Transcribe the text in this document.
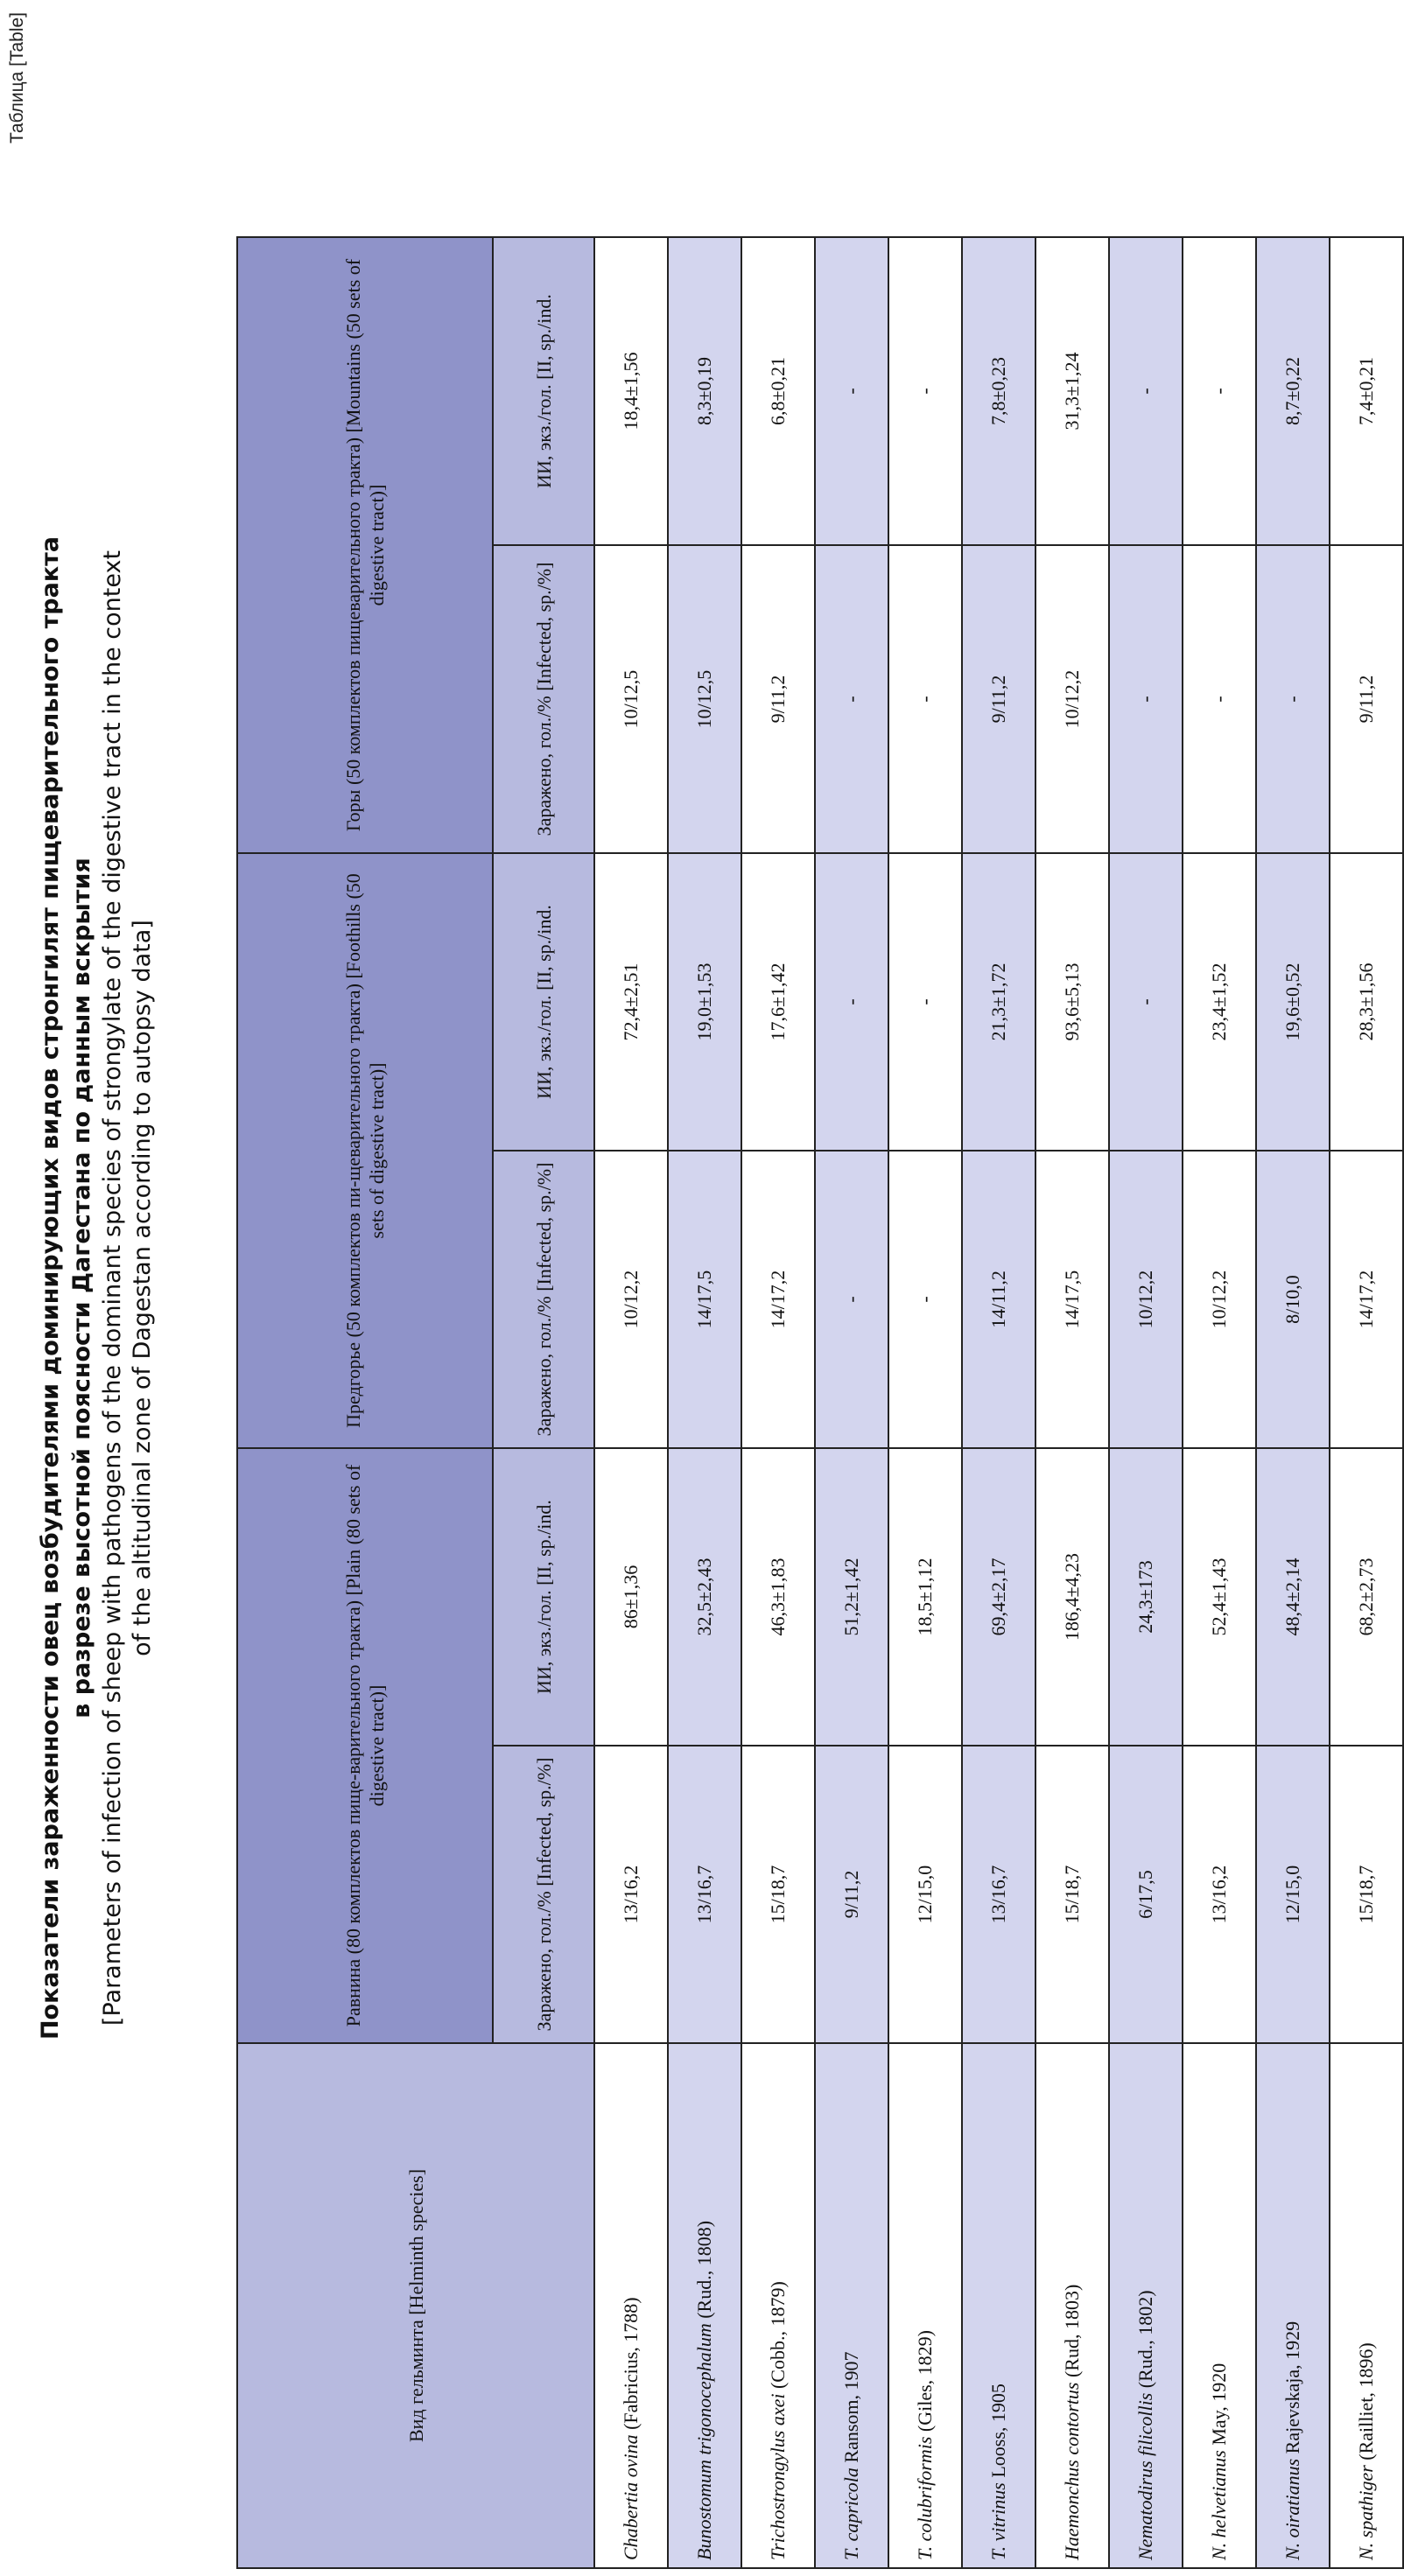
Таблица [Table]
Показатели зараженности овец возбудителями доминирующих видов стронгилят пищеварительного тракта в разрезе высотной поясности Дагестана по данным вскрытия [Parameters of infection of sheep with pathogens of the dominant species of strongylate of the digestive tract in the context of the altitudinal zone of Dagestan according to autopsy data]
Вид гельминта [Helminth species]	Равнина (80 комплектов пище-варительного тракта) [Plain (80 sets of digestive tract)]		Предгорье (50 комплектов пи-щеварительного тракта) [Foothills (50 sets of digestive tract)]		Горы (50 комплектов пищеварительного тракта) [Mountains (50 sets of digestive tract)]	
	Заражено, гол./% [Infected, sp./%]	ИИ, экз./гол. [II, sp./ind.	Заражено, гол./% [Infected, sp./%]	ИИ, экз./гол. [II, sp./ind.	Заражено, гол./% [Infected, sp./%]	ИИ, экз./гол. [II, sp./ind.
Chabertia ovina (Fabricius, 1788)	13/16,2	86±1,36	10/12,2	72,4±2,51	10/12,5	18,4±1,56
Bunostomum trigonocephalum (Rud., 1808)	13/16,7	32,5±2,43	14/17,5	19,0±1,53	10/12,5	8,3±0,19
Trichostrongylus axei (Cobb., 1879)	15/18,7	46,3±1,83	14/17,2	17,6±1,42	9/11,2	6,8±0,21
T. capricola Ransom, 1907	9/11,2	51,2±1,42	-	-	-	-
T. colubriformis (Giles, 1829)	12/15,0	18,5±1,12	-	-	-	-
T. vitrinus Looss, 1905	13/16,7	69,4±2,17	14/11,2	21,3±1,72	9/11,2	7,8±0,23
Haemonchus contortus (Rud, 1803)	15/18,7	186,4±4,23	14/17,5	93,6±5,13	10/12,2	31,3±1,24
Nematodirus filicollis (Rud., 1802)	6/17,5	24,3±173	10/12,2	-	-	-
N. helvetianus May, 1920	13/16,2	52,4±1,43	10/12,2	23,4±1,52	-	-
N. oiratianus Rajevskaja, 1929	12/15,0	48,4±2,14	8/10,0	19,6±0,52	-	8,7±0,22
N. spathiger (Railliet, 1896)	15/18,7	68,2±2,73	14/17,2	28,3±1,56	9/11,2	7,4±0,21
